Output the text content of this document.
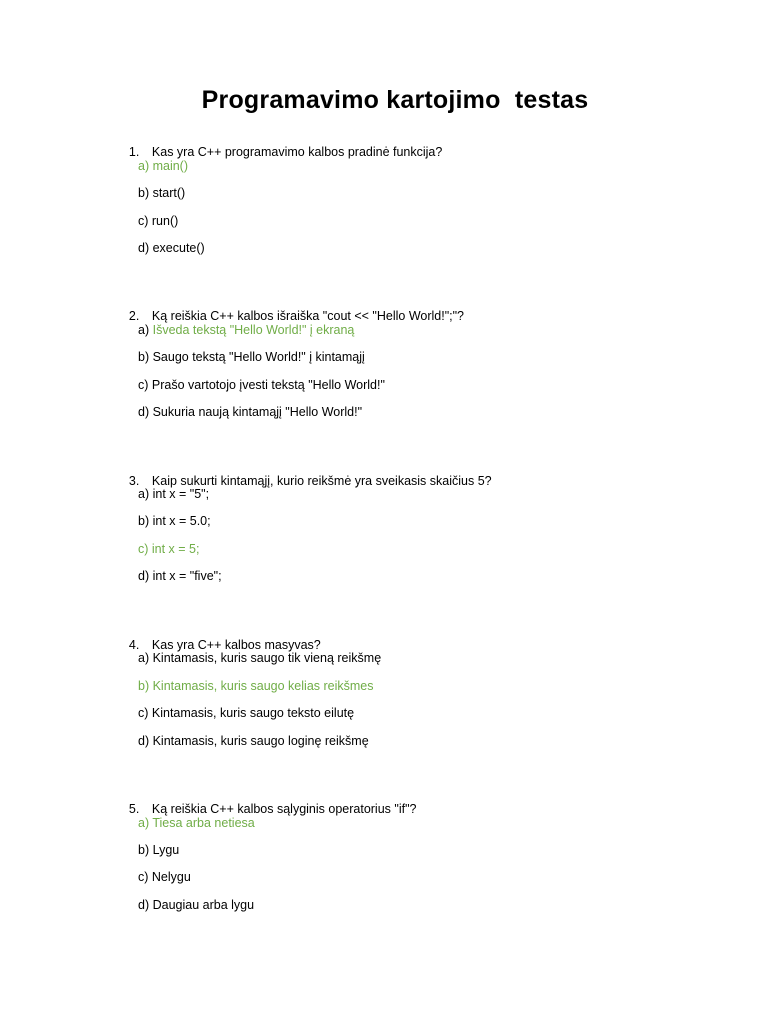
Programavimo kartojimo  testas

1. Kas yra C++ programavimo kalbos pradinė funkcija?

a) main()
b) start()
c) run()
d) execute()

2. Ką reiškia C++ kalbos išraiška "cout << "Hello World!";"?

a) Išveda tekstą "Hello World!" į ekraną
b) Saugo tekstą "Hello World!" į kintamąjį
c) Prašo vartotojo įvesti tekstą "Hello World!"
d) Sukuria naują kintamąjį "Hello World!"

3. Kaip sukurti kintamąjį, kurio reikšmė yra sveikasis skaičius 5?

a) int x = "5";
b) int x = 5.0;
c) int x = 5;
d) int x = "five";

4. Kas yra C++ kalbos masyvas?

a) Kintamasis, kuris saugo tik vieną reikšmę
b) Kintamasis, kuris saugo kelias reikšmes
c) Kintamasis, kuris saugo teksto eilutę
d) Kintamasis, kuris saugo loginę reikšmę

5. Ką reiškia C++ kalbos sąlyginis operatorius "if"?

a) Tiesa arba netiesa
b) Lygu
c) Nelygu
d) Daugiau arba lygu
